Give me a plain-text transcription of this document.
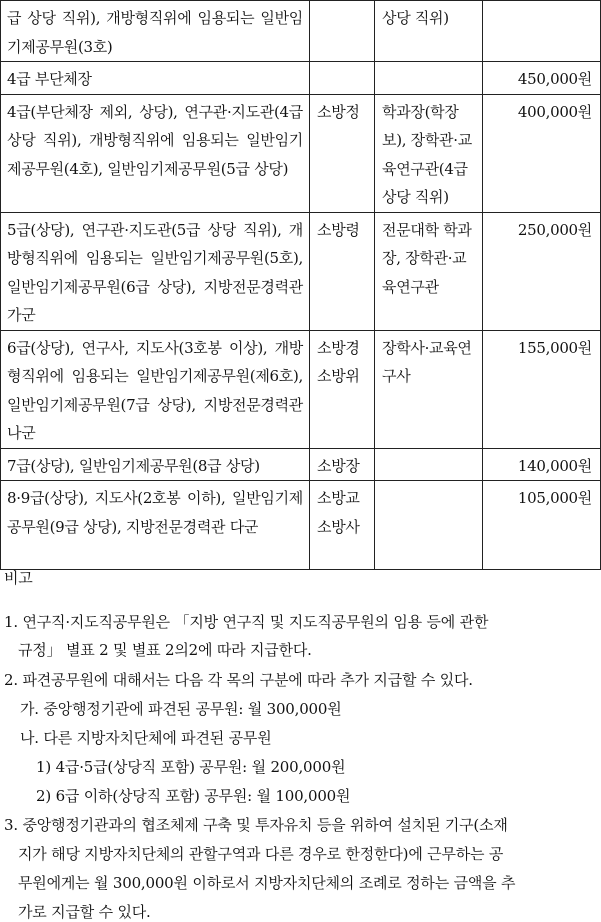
급 상당 직위), 개방형직위에 임용되는 일반임기제공무원(3호)		상당 직위)	
4급 부단체장			450,000원
4급(부단체장 제외, 상당), 연구관·지도관(4급 상당 직위), 개방형직위에 임용되는 일반임기제공무원(4호), 일반임기제공무원(5급 상당)	소방정	학과장(학장보), 장학관·교육연구관(4급 상당 직위)	400,000원
5급(상당), 연구관·지도관(5급 상당 직위), 개방형직위에 임용되는 일반임기제공무원(5호), 일반임기제공무원(6급 상당), 지방전문경력관 가군	소방령	전문대학 학과장, 장학관·교육연구관	250,000원
6급(상당), 연구사, 지도사(3호봉 이상), 개방형직위에 임용되는 일반임기제공무원(제6호), 일반임기제공무원(7급 상당), 지방전문경력관 나군	소방경 소방위	장학사·교육연구사	155,000원
7급(상당), 일반임기제공무원(8급 상당)	소방장		140,000원
8·9급(상당), 지도사(2호봉 이하), 일반임기제공무원(9급 상당), 지방전문경력관 다군	소방교 소방사		105,000원
비고
1. 연구직·지도직공무원은 「지방 연구직 및 지도직공무원의 임용 등에 관한
규정」 별표 2 및 별표 2의2에 따라 지급한다.
2. 파견공무원에 대해서는 다음 각 목의 구분에 따라 추가 지급할 수 있다.
가. 중앙행정기관에 파견된 공무원: 월 300,000원
나. 다른 지방자치단체에 파견된 공무원
1) 4급·5급(상당직 포함) 공무원: 월 200,000원
2) 6급 이하(상당직 포함) 공무원: 월 100,000원
3. 중앙행정기관과의 협조체제 구축 및 투자유치 등을 위하여 설치된 기구(소재
지가 해당 지방자치단체의 관할구역과 다른 경우로 한정한다)에 근무하는 공
무원에게는 월 300,000원 이하로서 지방자치단체의 조례로 정하는 금액을 추
가로 지급할 수 있다.
